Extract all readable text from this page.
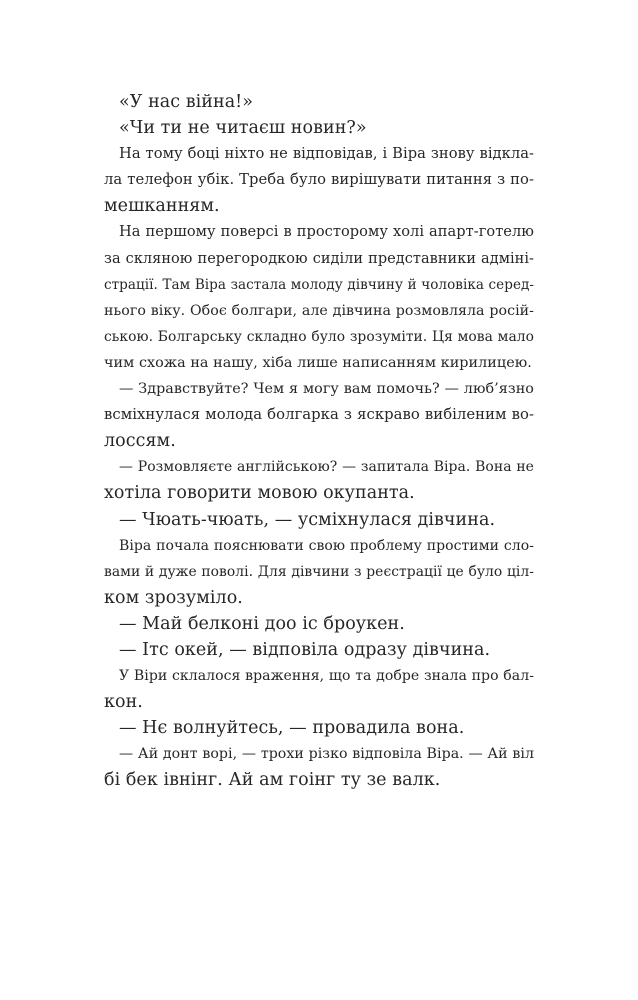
«У нас війна!»
«Чи ти не читаєш новин?»
На тому боці ніхто не відповідав, і Віра знову відкла-
ла телефон убік. Треба було вирішувати питання з по-
мешканням.
На першому поверсі в просторому холі апарт-готелю
за скляною перегородкою сиділи представники адміні-
страції. Там Віра застала молоду дівчину й чоловіка серед-
нього віку. Обоє болгари, але дівчина розмовляла росій-
ською. Болгарську складно було зрозуміти. Ця мова мало
чим схожа на нашу, хіба лише написанням кирилицею.
— Здравствуйте? Чем я могу вам помочь? — люб’язно
всміхнулася молода болгарка з яскраво вибіленим во-
лоссям.
— Розмовляєте англійською? — запитала Віра. Вона не
хотіла говорити мовою окупанта.
— Чюать-чюать, — усміхнулася дівчина.
Віра почала пояснювати свою проблему простими сло-
вами й дуже поволі. Для дівчини з реєстрації це було ціл-
ком зрозуміло.
— Май белконі доо іс броукен.
— Ітс окей, — відповіла одразу дівчина.
У Віри склалося враження, що та добре знала про бал-
кон.
— Нє волнуйтесь, — провадила вона.
— Ай донт ворі, — трохи різко відповіла Віра. — Ай віл
бі бек івнінг. Ай ам гоінг ту зе валк.
